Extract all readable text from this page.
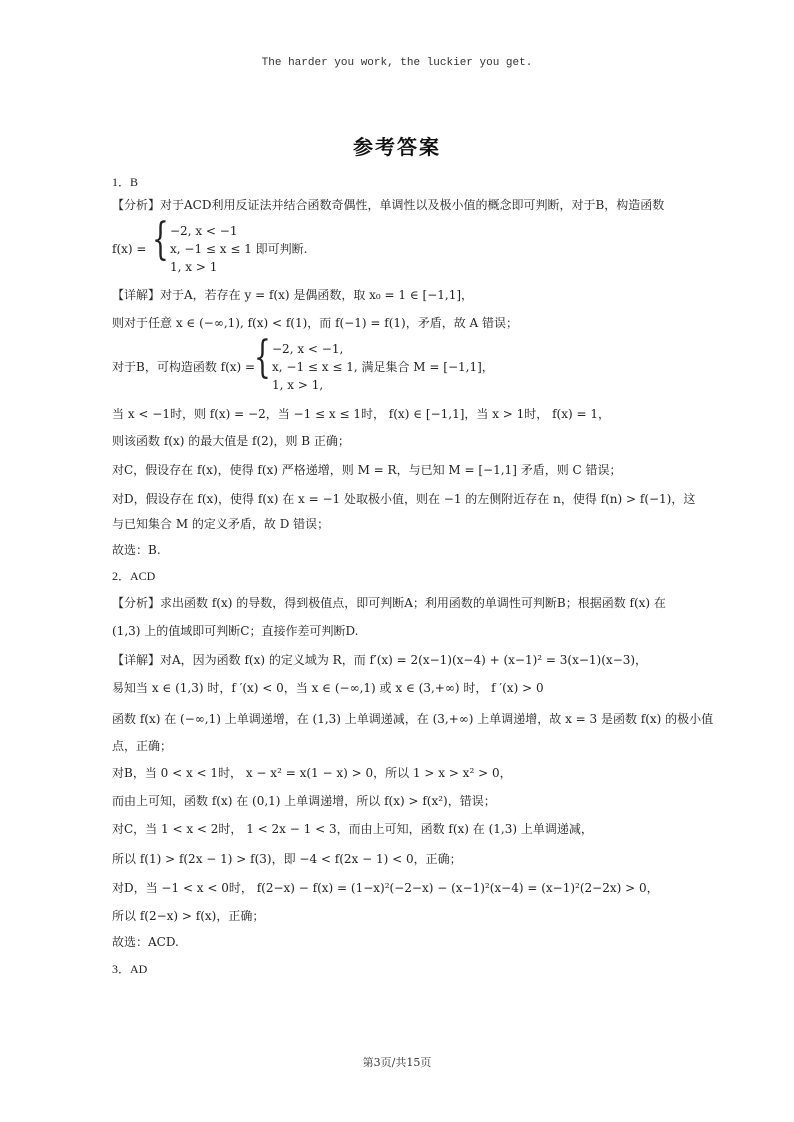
The harder you work, the luckier you get.
参考答案
1．B
【分析】对于ACD利用反证法并结合函数奇偶性，单调性以及极小值的概念即可判断，对于B，构造函数
f(x) = { −2, x < −1
x, −1 ≤ x ≤ 1 即可判断.
1, x > 1
【详解】对于A，若存在 y = f(x) 是偶函数，取 x₀ = 1 ∈ [−1,1]，
则对于任意 x ∈ (−∞,1), f(x) < f(1)，而 f(−1) = f(1)，矛盾，故 A 错误；
对于B，可构造函数 f(x) =
{ −2, x < −1,
x, −1 ≤ x ≤ 1, 满足集合 M = [−1,1]，
1, x > 1,
当 x < −1时，则 f(x) = −2，当 −1 ≤ x ≤ 1时， f(x) ∈ [−1,1]，当 x > 1时， f(x) = 1，
则该函数 f(x) 的最大值是 f(2)，则 B 正确；
对C，假设存在 f(x)，使得 f(x) 严格递增，则 M = R，与已知 M = [−1,1] 矛盾，则 C 错误；
对D，假设存在 f(x)，使得 f(x) 在 x = −1 处取极小值，则在 −1 的左侧附近存在 n，使得 f(n) > f(−1)，这
与已知集合 M 的定义矛盾，故 D 错误；
故选：B.
2．ACD
【分析】求出函数 f(x) 的导数，得到极值点，即可判断A；利用函数的单调性可判断B；根据函数 f(x) 在
(1,3) 上的值域即可判断C；直接作差可判断D.
【详解】对A，因为函数 f(x) 的定义域为 R，而 f′(x) = 2(x−1)(x−4) + (x−1)² = 3(x−1)(x−3)，
易知当 x ∈ (1,3) 时，f ′(x) < 0，当 x ∈ (−∞,1) 或 x ∈ (3,+∞) 时， f ′(x) > 0
函数 f(x) 在 (−∞,1) 上单调递增，在 (1,3) 上单调递减，在 (3,+∞) 上单调递增，故 x = 3 是函数 f(x) 的极小值
点，正确；
对B，当 0 < x < 1时， x − x² = x(1 − x) > 0，所以 1 > x > x² > 0，
而由上可知，函数 f(x) 在 (0,1) 上单调递增，所以 f(x) > f(x²)，错误；
对C，当 1 < x < 2时， 1 < 2x − 1 < 3，而由上可知，函数 f(x) 在 (1,3) 上单调递减，
所以 f(1) > f(2x − 1) > f(3)，即 −4 < f(2x − 1) < 0，正确；
对D，当 −1 < x < 0时， f(2−x) − f(x) = (1−x)²(−2−x) − (x−1)²(x−4) = (x−1)²(2−2x) > 0，
所以 f(2−x) > f(x)，正确；
故选：ACD.
3．AD
第3页/共15页
